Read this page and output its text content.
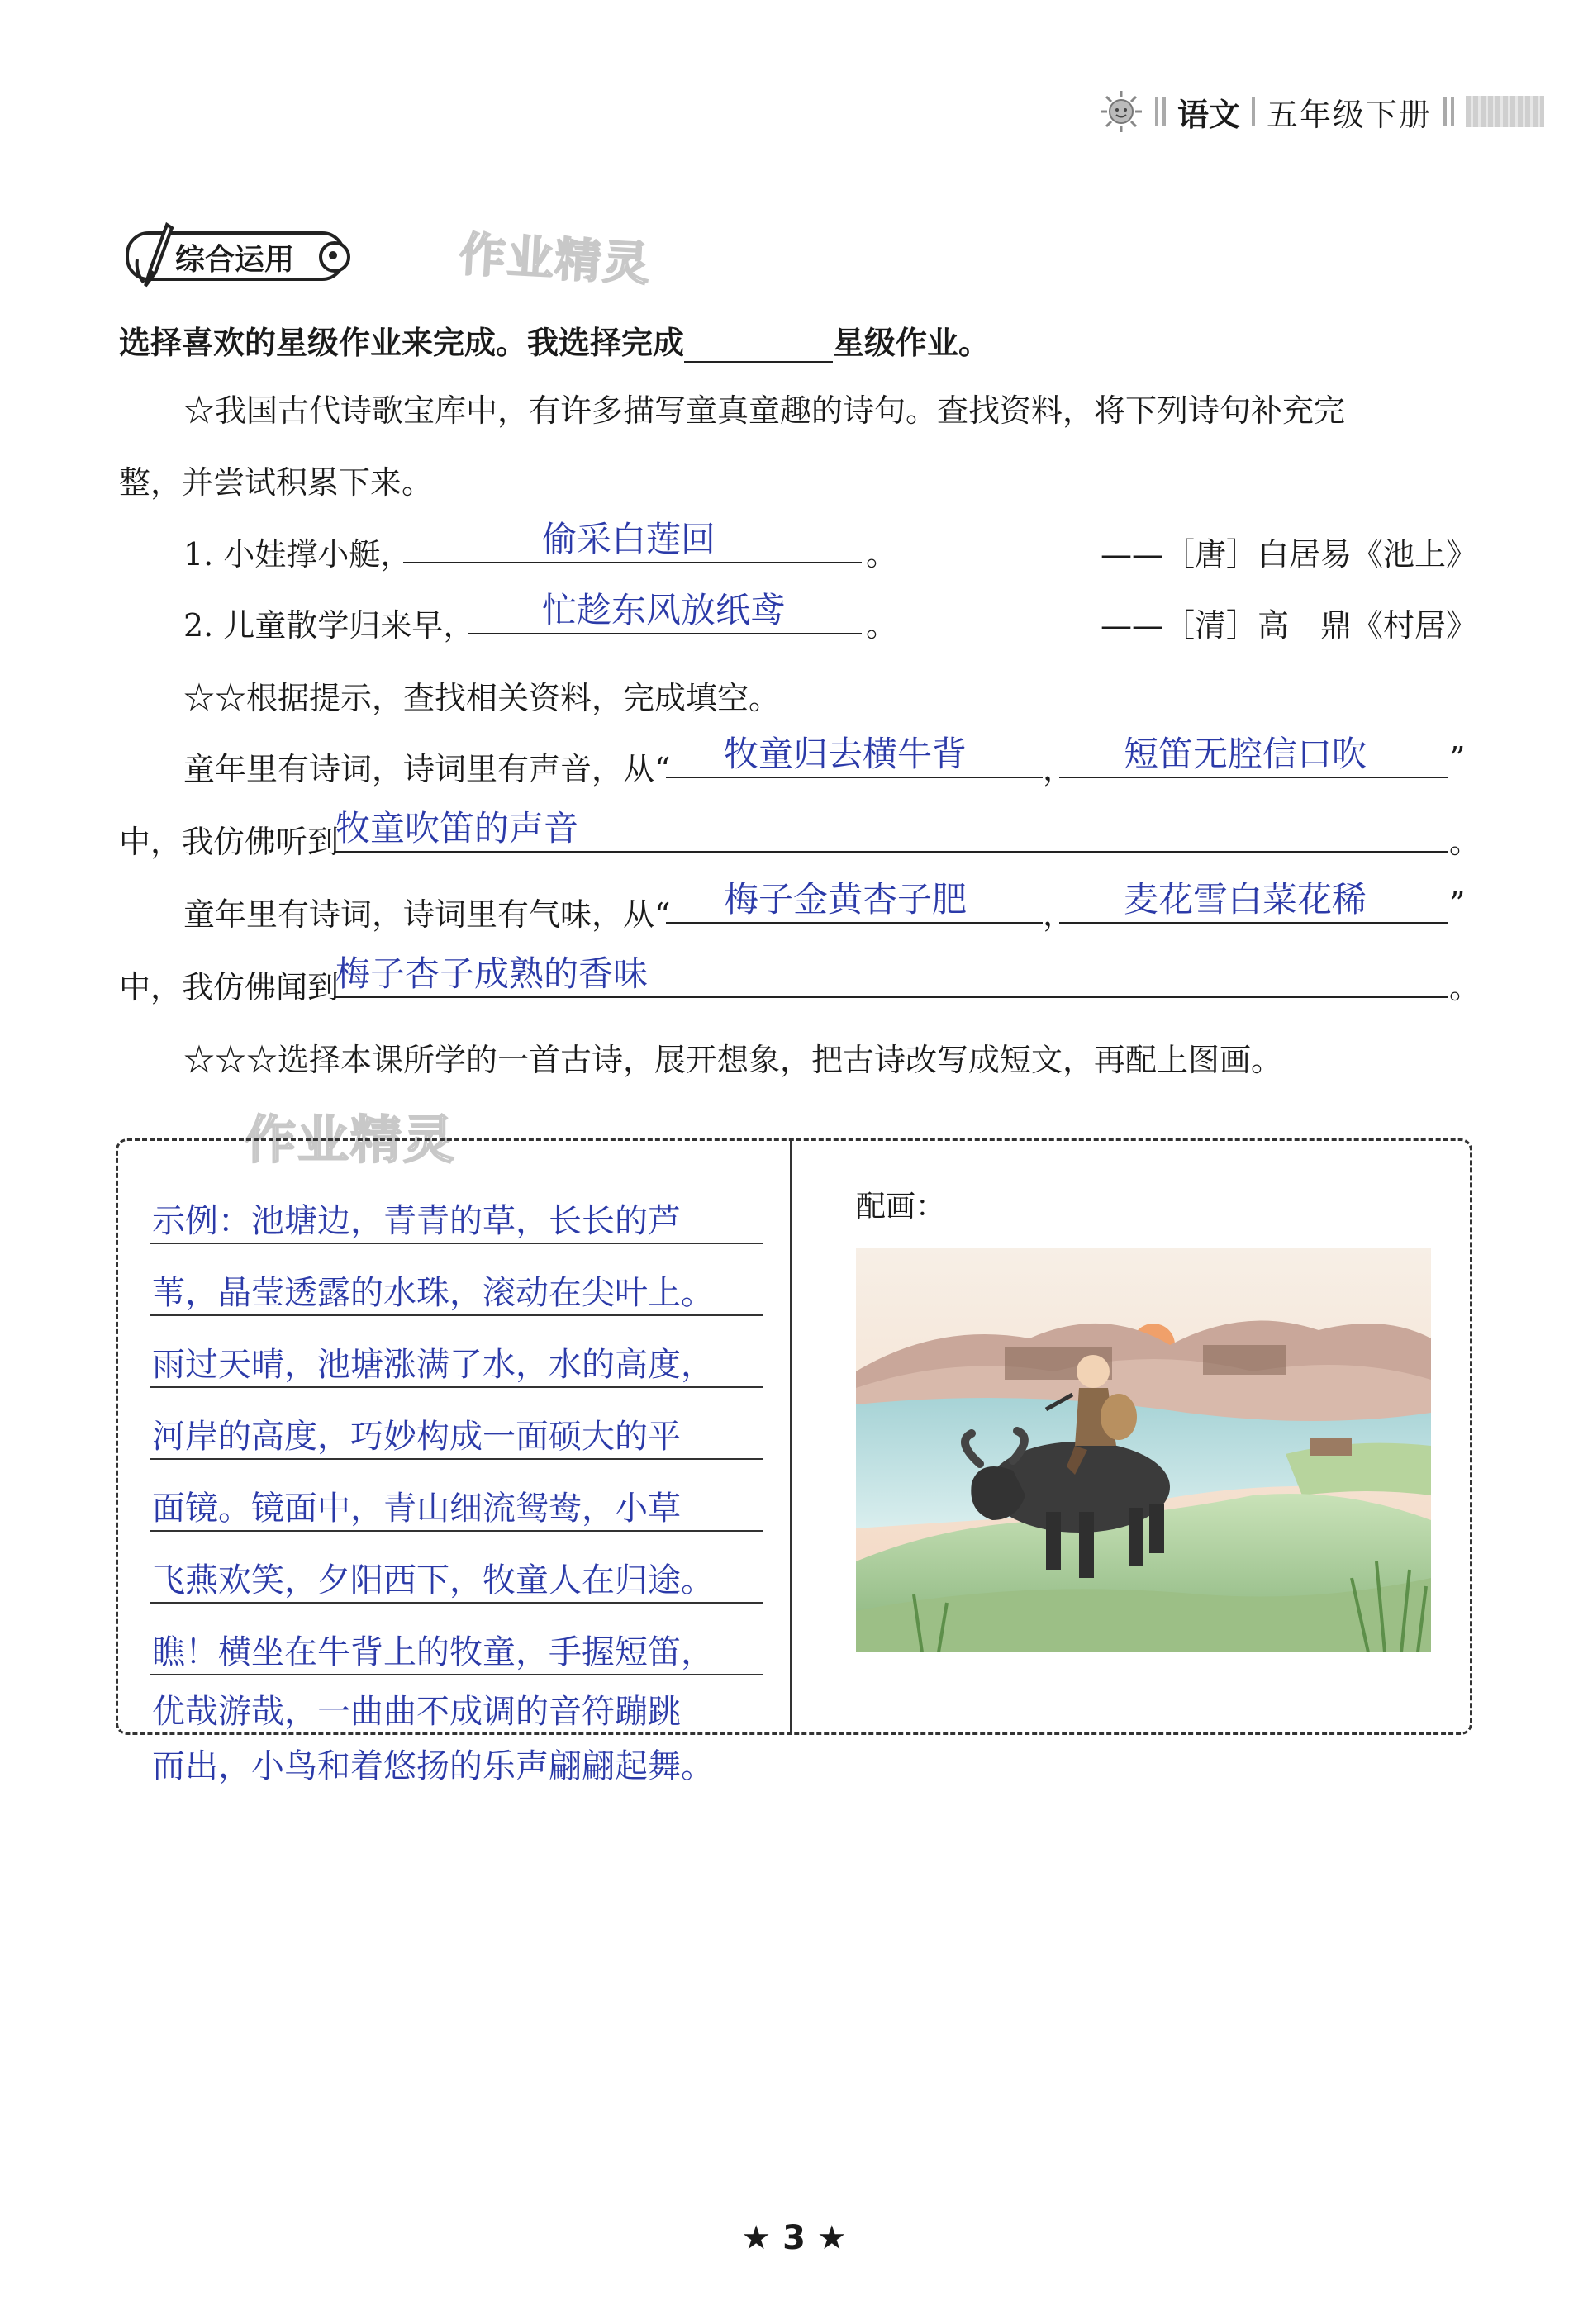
语文 五年级下册
综合运用	作业精灵
选择喜欢的星级作业来完成。我选择完成	星级作业。
☆我国古代诗歌宝库中，有许多描写童真童趣的诗句。查找资料，将下列诗句补充完
整，并尝试积累下来。
1. 小娃撑小艇，	偷采白莲回	。	——［唐］白居易《池上》
2. 儿童散学归来早， 忙趁东风放纸鸢	。	——［清］高　鼎《村居》
☆☆根据提示，查找相关资料，完成填空。
童年里有诗词，诗词里有声音，从“ 牧童归去横牛背 ， 短笛无腔信口吹	”
中，我仿佛听到
牧童吹笛的声音	。
童年里有诗词，诗词里有气味，从“ 梅子金黄杏子肥 ， 麦花雪白菜花稀	”
中，我仿佛闻到
梅子杏子成熟的香味	。
☆☆☆选择本课所学的一首古诗，展开想象，把古诗改写成短文，再配上图画。
作业精灵
示例：池塘边，青青的草，长长的芦
苇，晶莹透露的水珠，滚动在尖叶上。
雨过天晴，池塘涨满了水，水的高度，
河岸的高度，巧妙构成一面硕大的平
面镜。镜面中，青山细流鸳鸯，小草
飞燕欢笑，夕阳西下，牧童人在归途。
瞧！横坐在牛背上的牧童，手握短笛，
优哉游哉，一曲曲不成调的音符蹦跳
而出，小鸟和着悠扬的乐声翩翩起舞。
配画：
★ 3 ★
